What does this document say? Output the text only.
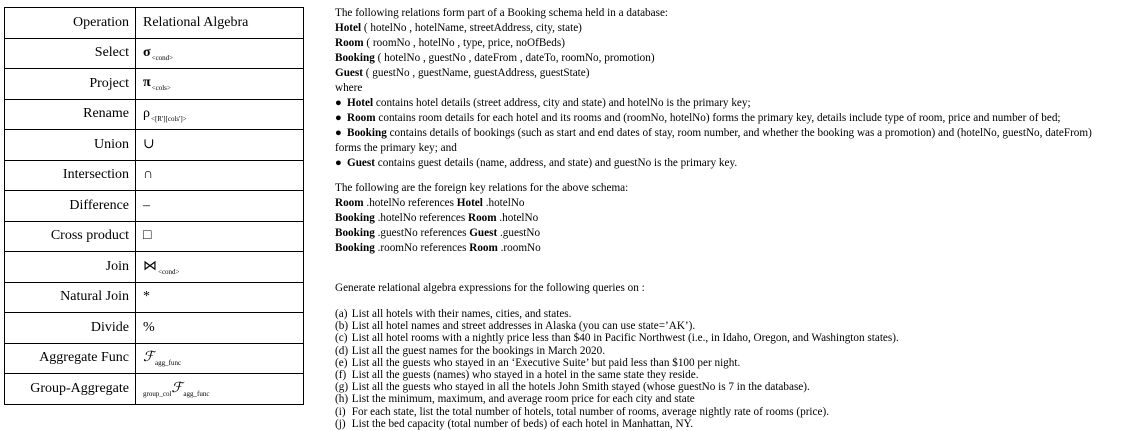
Operation	Relational Algebra
Select	$\sigma_{<cond>}$
Project	$\pi_{<cols>}$
Rename	$\rho_{<[R'][cols']>}$
Union	∪
Intersection	∩
Difference	–
Cross product	□
Join	$⋈_{<cond>}$
Natural Join	*
Divide	%
Aggregate Func	ℱ$_{agg\_func}$
Group-Aggregate	$_{group\_col}$ℱ$_{agg\_func}$

The following relations form part of a Booking schema held in a database:

Hotel ( hotelNo , hotelName, streetAddress, city, state)

Room ( roomNo , hotelNo , type, price, noOfBeds)

Booking ( hotelNo , guestNo , dateFrom , dateTo, roomNo, promotion)

Guest ( guestNo , guestName, guestAddress, guestState)

where

● Hotel contains hotel details (street address, city and state) and hotelNo is the primary key;

● Room contains room details for each hotel and its rooms and (roomNo, hotelNo) forms the primary key, details include type of room, price and number of bed;

● Booking contains details of bookings (such as start and end dates of stay, room number, and whether the booking was a promotion) and (hotelNo, guestNo, dateFrom) forms the primary key; and

● Guest contains guest details (name, address, and state) and guestNo is the primary key.

The following are the foreign key relations for the above schema:

Room .hotelNo references Hotel .hotelNo

Booking .hotelNo references Room .hotelNo

Booking .guestNo references Guest .guestNo

Booking .roomNo references Room .roomNo

Generate relational algebra expressions for the following queries on :

(a) List all hotels with their names, cities, and states.

(b) List all hotel names and street addresses in Alaska (you can use state=’AK’).

(c) List all hotel rooms with a nightly price less than $40 in Pacific Northwest (i.e., in Idaho, Oregon, and Washington states).

(d) List all the guest names for the bookings in March 2020.

(e) List all the guests who stayed in an ‘Executive Suite’ but paid less than $100 per night.

(f) List all the guests (names) who stayed in a hotel in the same state they reside.

(g) List all the guests who stayed in all the hotels John Smith stayed (whose guestNo is 7 in the database).

(h) List the minimum, maximum, and average room price for each city and state

(i) For each state, list the total number of hotels, total number of rooms, average nightly rate of rooms (price).

(j) List the bed capacity (total number of beds) of each hotel in Manhattan, NY.
